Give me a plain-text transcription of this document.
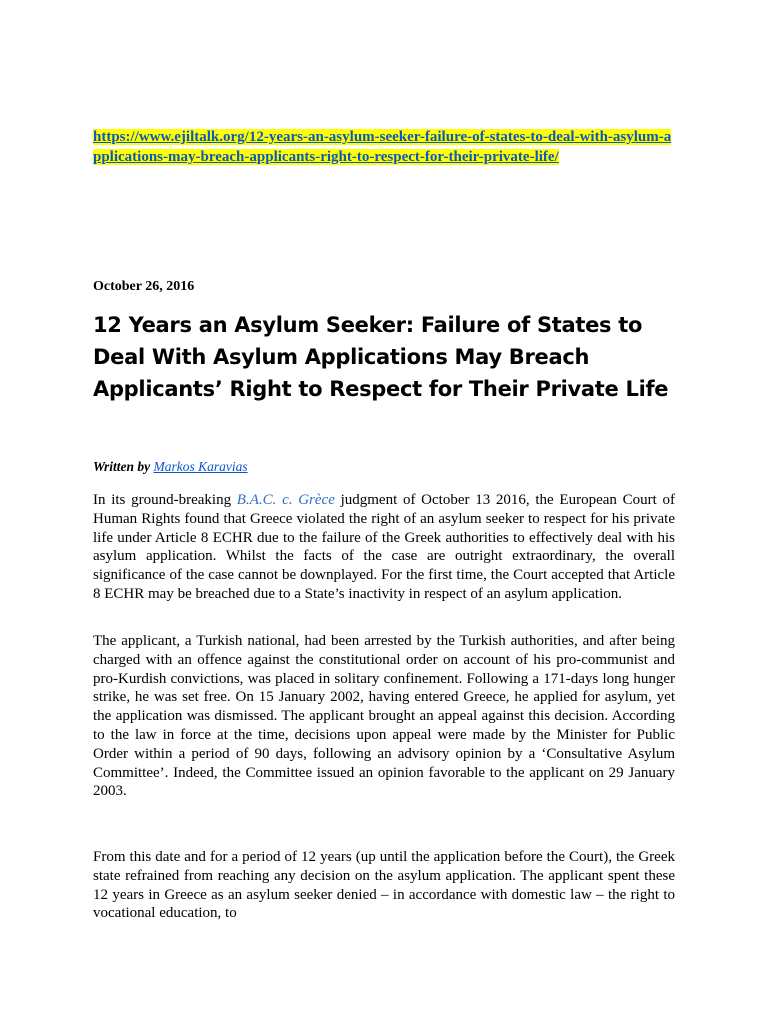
https://www.ejiltalk.org/12-years-an-asylum-seeker-failure-of-states-to-deal-with-asylum-applications-may-breach-applicants-right-to-respect-for-their-private-life/
October 26, 2016
12 Years an Asylum Seeker: Failure of States to Deal With Asylum Applications May Breach Applicants’ Right to Respect for Their Private Life
Written by Markos Karavias

In its ground-breaking B.A.C. c. Grèce judgment of October 13 2016, the European Court of Human Rights found that Greece violated the right of an asylum seeker to respect for his private life under Article 8 ECHR due to the failure of the Greek authorities to effectively deal with his asylum application. Whilst the facts of the case are outright extraordinary, the overall significance of the case cannot be downplayed. For the first time, the Court accepted that Article 8 ECHR may be breached due to a State’s inactivity in respect of an asylum application.

The applicant, a Turkish national, had been arrested by the Turkish authorities, and after being charged with an offence against the constitutional order on account of his pro-communist and pro-Kurdish convictions, was placed in solitary confinement. Following a 171-days long hunger strike, he was set free. On 15 January 2002, having entered Greece, he applied for asylum, yet the application was dismissed. The applicant brought an appeal against this decision. According to the law in force at the time, decisions upon appeal were made by the Minister for Public Order within a period of 90 days, following an advisory opinion by a ‘Consultative Asylum Committee’. Indeed, the Committee issued an opinion favorable to the applicant on 29 January 2003.

From this date and for a period of 12 years (up until the application before the Court), the Greek state refrained from reaching any decision on the asylum application. The applicant spent these 12 years in Greece as an asylum seeker denied – in accordance with domestic law – the right to vocational education, to
